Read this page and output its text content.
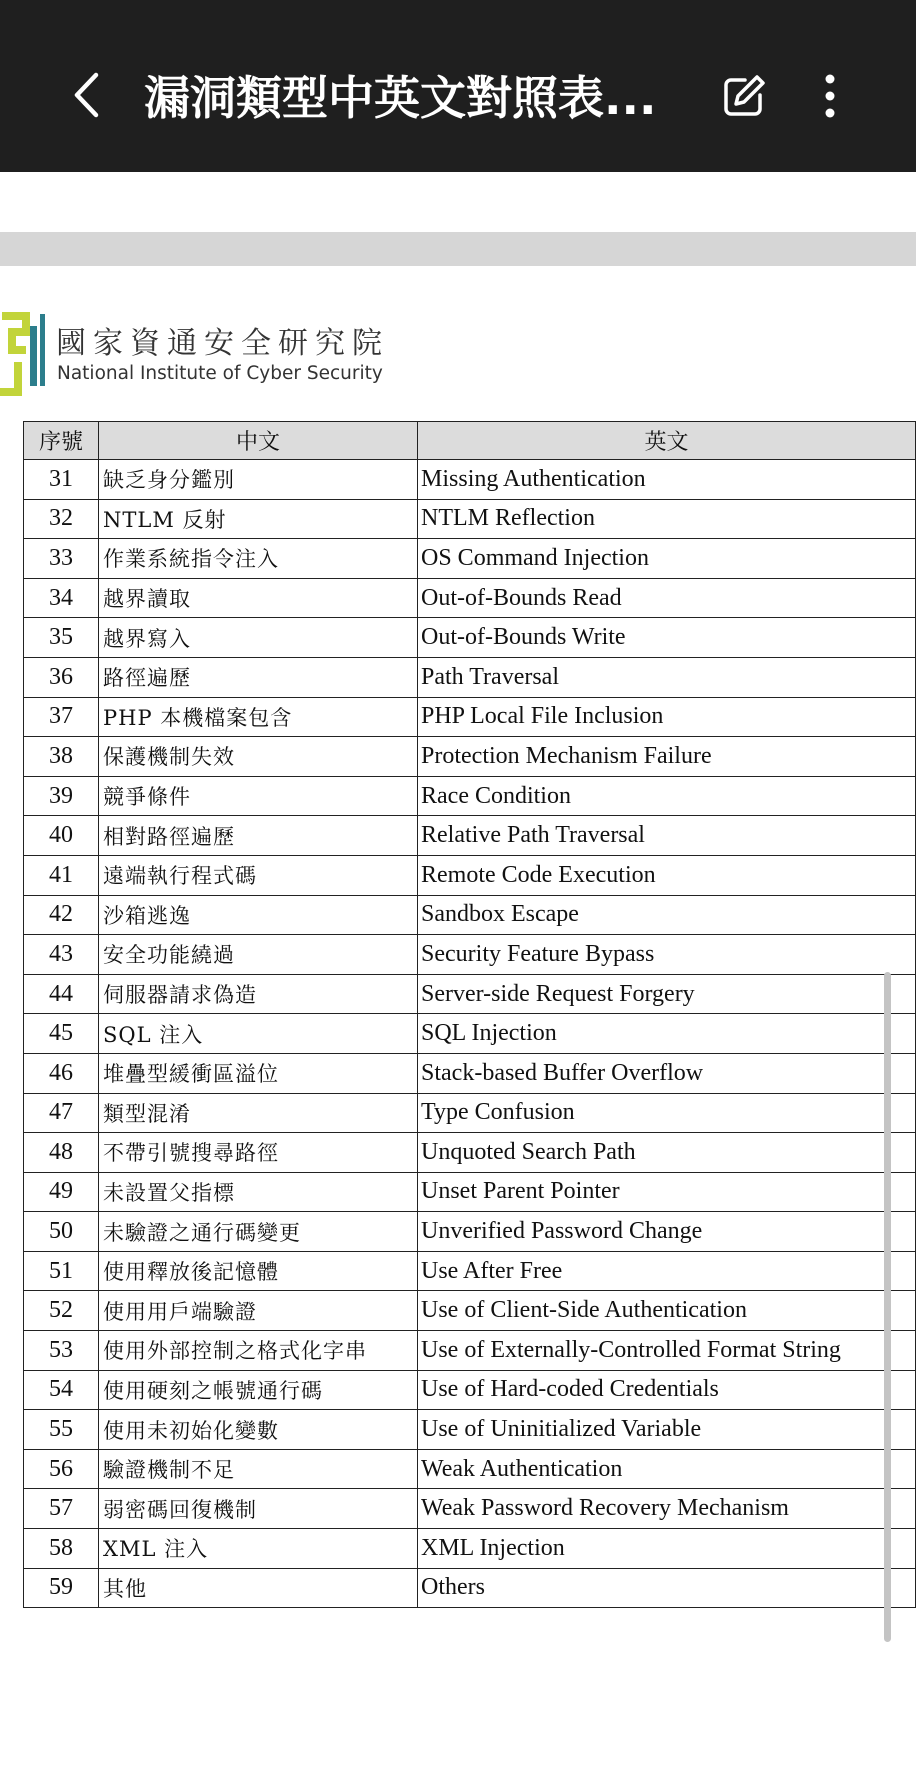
漏洞類型中英文對照表...
國家資通安全研究院
National Institute of Cyber Security
序號	中文	英文
31	缺乏身分鑑別	Missing Authentication
32	NTLM 反射	NTLM Reflection
33	作業系統指令注入	OS Command Injection
34	越界讀取	Out-of-Bounds Read
35	越界寫入	Out-of-Bounds Write
36	路徑遍歷	Path Traversal
37	PHP 本機檔案包含	PHP Local File Inclusion
38	保護機制失效	Protection Mechanism Failure
39	競爭條件	Race Condition
40	相對路徑遍歷	Relative Path Traversal
41	遠端執行程式碼	Remote Code Execution
42	沙箱逃逸	Sandbox Escape
43	安全功能繞過	Security Feature Bypass
44	伺服器請求偽造	Server-side Request Forgery
45	SQL 注入	SQL Injection
46	堆疊型緩衝區溢位	Stack-based Buffer Overflow
47	類型混淆	Type Confusion
48	不帶引號搜尋路徑	Unquoted Search Path
49	未設置父指標	Unset Parent Pointer
50	未驗證之通行碼變更	Unverified Password Change
51	使用釋放後記憶體	Use After Free
52	使用用戶端驗證	Use of Client-Side Authentication
53	使用外部控制之格式化字串	Use of Externally-Controlled Format String
54	使用硬刻之帳號通行碼	Use of Hard-coded Credentials
55	使用未初始化變數	Use of Uninitialized Variable
56	驗證機制不足	Weak Authentication
57	弱密碼回復機制	Weak Password Recovery Mechanism
58	XML 注入	XML Injection
59	其他	Others
